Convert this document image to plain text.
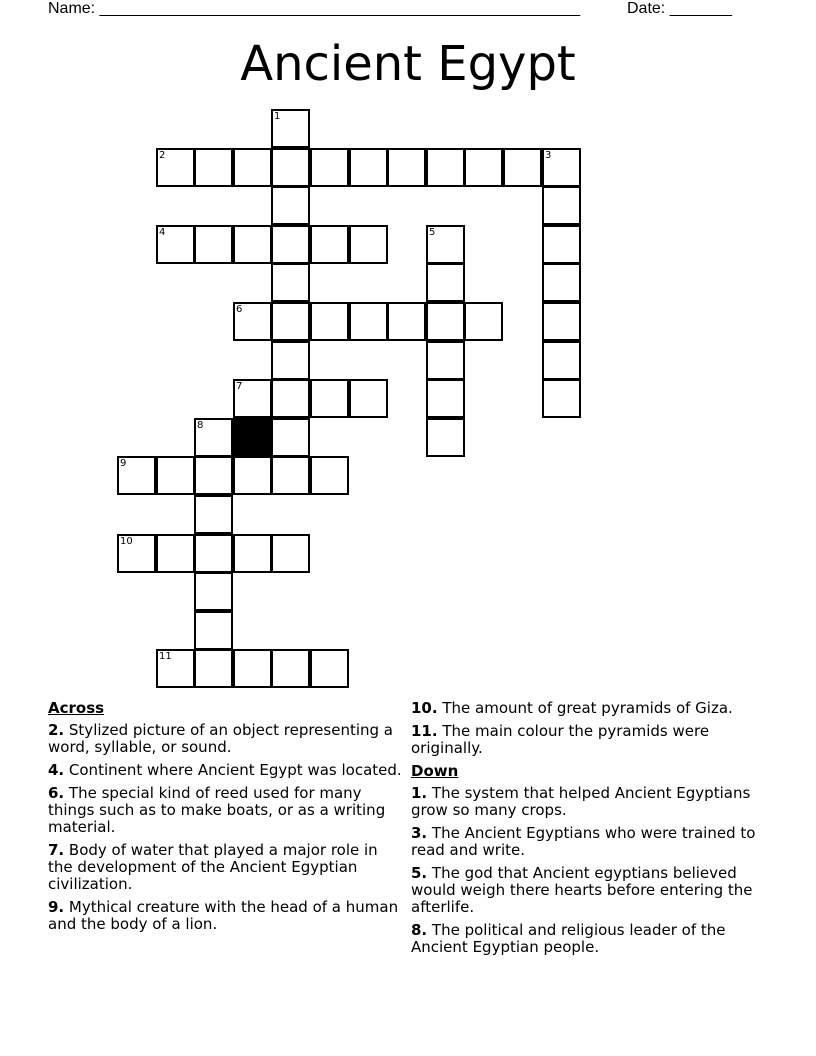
Name: ______________________________________________________	Date: _______
Ancient Egypt
1
2	3
4	5
6
7
8
9
10
11
Across
2. Stylized picture of an object representing a word, syllable, or sound.
4. Continent where Ancient Egypt was located.
6. The special kind of reed used for many things such as to make boats, or as a writing material.
7. Body of water that played a major role in the development of the Ancient Egyptian civilization.
9. Mythical creature with the head of a human and the body of a lion.
10. The amount of great pyramids of Giza.
11. The main colour the pyramids were originally.
Down
1. The system that helped Ancient Egyptians grow so many crops.
3. The Ancient Egyptians who were trained to read and write.
5. The god that Ancient egyptians believed would weigh there hearts before entering the afterlife.
8. The political and religious leader of the Ancient Egyptian people.
